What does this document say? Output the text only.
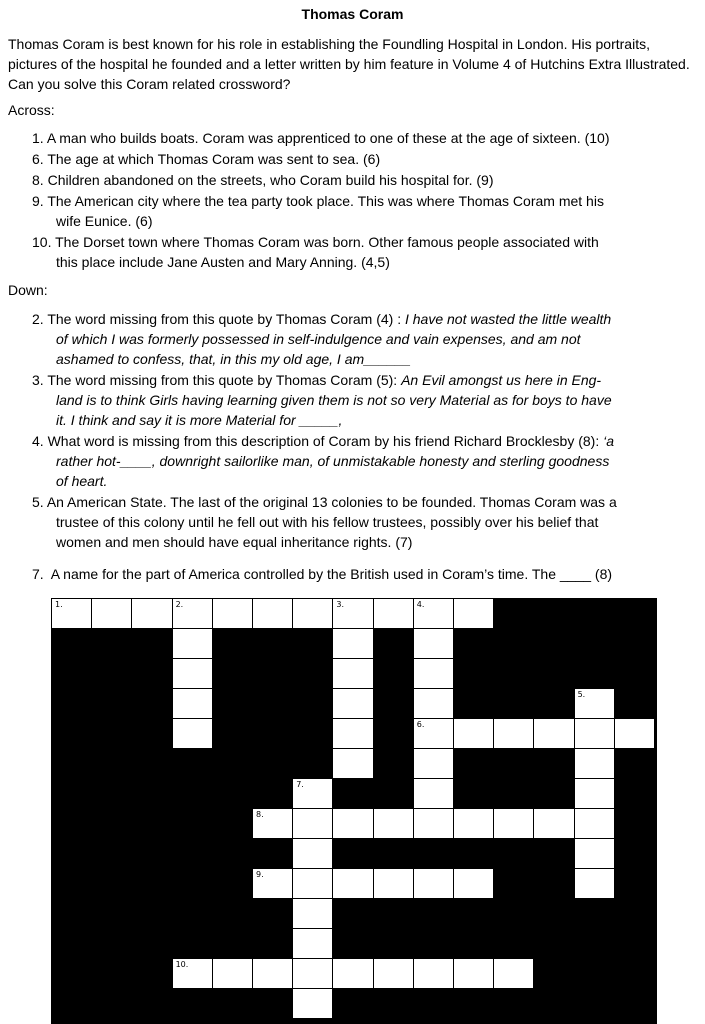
Thomas Coram
Thomas Coram is best known for his role in establishing the Foundling Hospital in London. His portraits, pictures of the hospital he founded and a letter written by him feature in Volume 4 of Hutchins Extra Illustrated. Can you solve this Coram related crossword?
Across:
1. A man who builds boats. Coram was apprenticed to one of these at the age of sixteen. (10)
6. The age at which Thomas Coram was sent to sea. (6)
8. Children abandoned on the streets, who Coram build his hospital for. (9)
9. The American city where the tea party took place. This was where Thomas Coram met his
wife Eunice. (6)
10. The Dorset town where Thomas Coram was born. Other famous people associated with
this place include Jane Austen and Mary Anning. (4,5)
Down:
2. The word missing from this quote by Thomas Coram (4) : I have not wasted the little wealth
of which I was formerly possessed in self-indulgence and vain expenses, and am not
ashamed to confess, that, in this my old age, I am______
3. The word missing from this quote by Thomas Coram (5): An Evil amongst us here in Eng-
land is to think Girls having learning given them is not so very Material as for boys to have
it. I think and say it is more Material for _____,
4. What word is missing from this description of Coram by his friend Richard Brocklesby (8): ‘a
rather hot-____, downright sailorlike man, of unmistakable honesty and sterling goodness
of heart.
5. An American State. The last of the original 13 colonies to be founded. Thomas Coram was a
trustee of this colony until he fell out with his fellow trustees, possibly over his belief that
women and men should have equal inheritance rights. (7)
7. A name for the part of America controlled by the British used in Coram’s time. The ____ (8)
1.	2.	3.	4.
6.
5.
7.
8.
9.
10.
